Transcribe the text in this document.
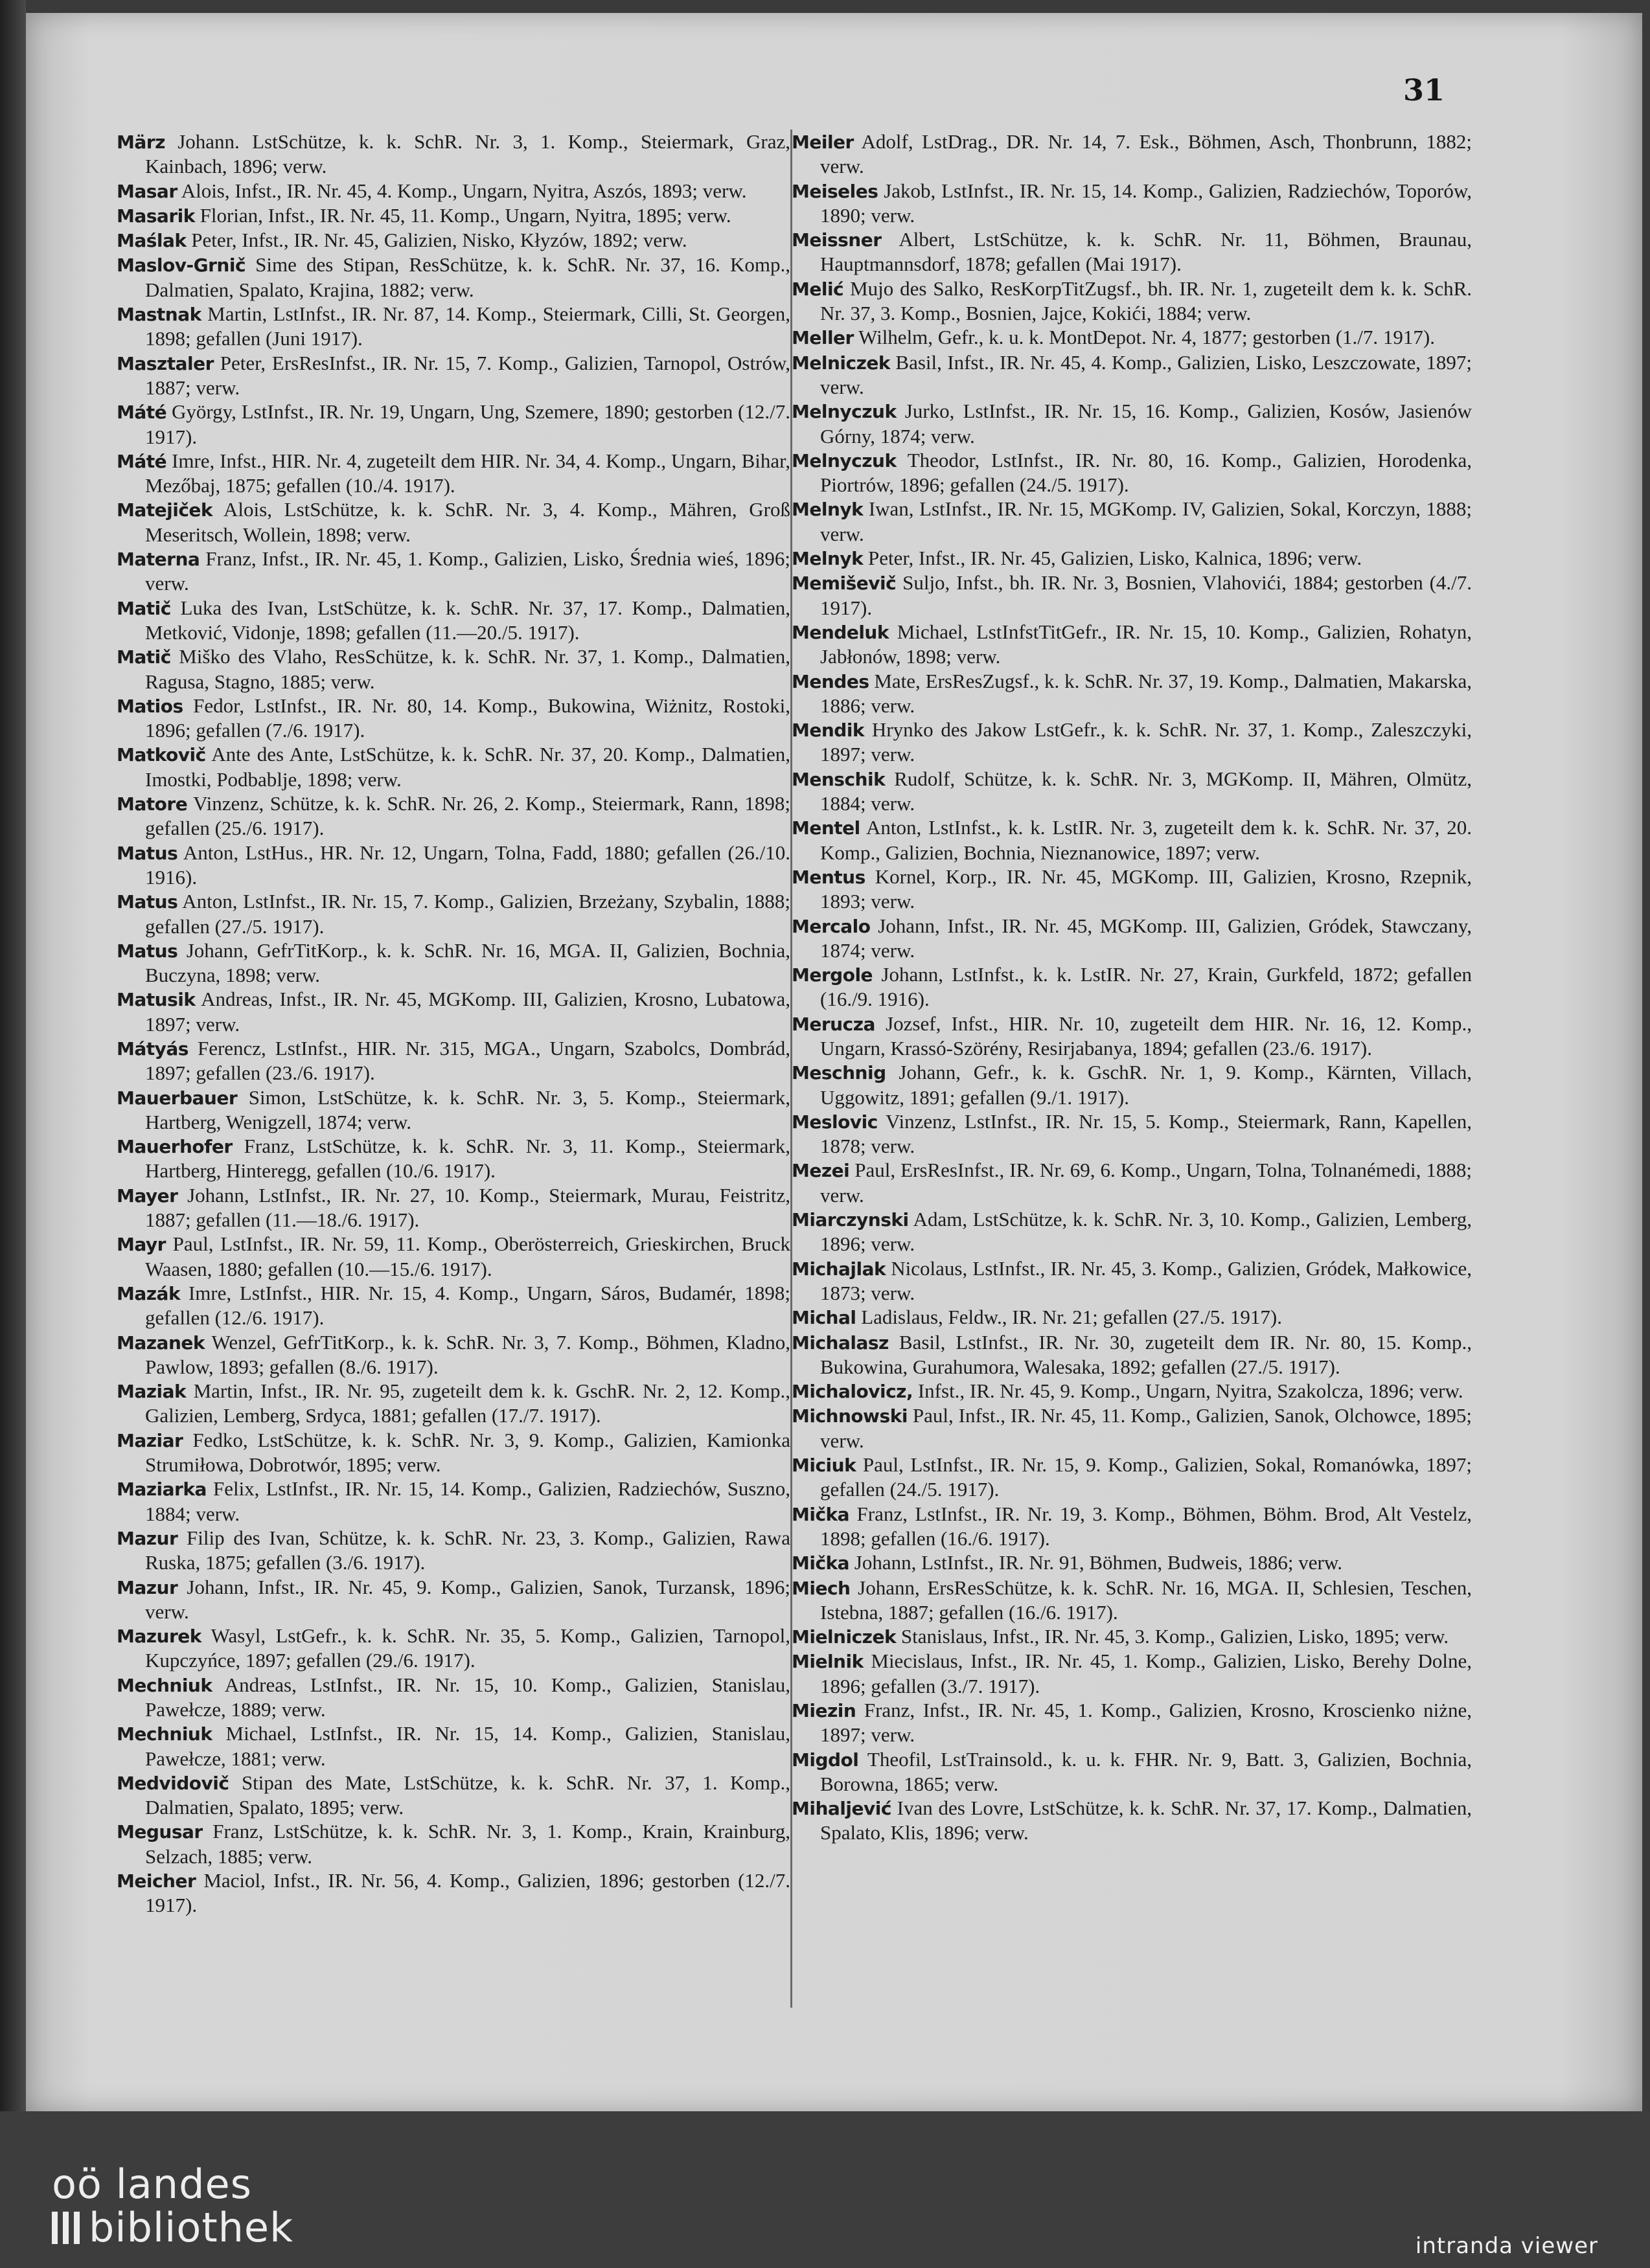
31
März Johann. LstSchütze, k. k. SchR. Nr. 3, 1. Komp., Steiermark, Graz, Kainbach, 1896; verw.
Masar Alois, Infst., IR. Nr. 45, 4. Komp., Ungarn, Nyitra, Aszós, 1893; verw.
Masarik Florian, Infst., IR. Nr. 45, 11. Komp., Ungarn, Nyitra, 1895; verw.
Maślak Peter, Infst., IR. Nr. 45, Galizien, Nisko, Kłyzów, 1892; verw.
Maslov-Grnič Sime des Stipan, ResSchütze, k. k. SchR. Nr. 37, 16. Komp., Dalmatien, Spalato, Krajina, 1882; verw.
Mastnak Martin, LstInfst., IR. Nr. 87, 14. Komp., Steiermark, Cilli, St. Georgen, 1898; gefallen (Juni 1917).
Masztaler Peter, ErsResInfst., IR. Nr. 15, 7. Komp., Galizien, Tarnopol, Ostrów, 1887; verw.
Máté György, LstInfst., IR. Nr. 19, Ungarn, Ung, Szemere, 1890; gestorben (12./7. 1917).
Máté Imre, Infst., HIR. Nr. 4, zugeteilt dem HIR. Nr. 34, 4. Komp., Ungarn, Bihar, Mezőbaj, 1875; gefallen (10./4. 1917).
Matejiček Alois, LstSchütze, k. k. SchR. Nr. 3, 4. Komp., Mähren, Groß Meseritsch, Wollein, 1898; verw.
Materna Franz, Infst., IR. Nr. 45, 1. Komp., Galizien, Lisko, Średnia wieś, 1896; verw.
Matič Luka des Ivan, LstSchütze, k. k. SchR. Nr. 37, 17. Komp., Dalmatien, Metković, Vidonje, 1898; gefallen (11.—20./5. 1917).
Matič Miško des Vlaho, ResSchütze, k. k. SchR. Nr. 37, 1. Komp., Dalmatien, Ragusa, Stagno, 1885; verw.
Matios Fedor, LstInfst., IR. Nr. 80, 14. Komp., Bukowina, Wiżnitz, Rostoki, 1896; gefallen (7./6. 1917).
Matkovič Ante des Ante, LstSchütze, k. k. SchR. Nr. 37, 20. Komp., Dalmatien, Imostki, Podbablje, 1898; verw.
Matore Vinzenz, Schütze, k. k. SchR. Nr. 26, 2. Komp., Steiermark, Rann, 1898; gefallen (25./6. 1917).
Matus Anton, LstHus., HR. Nr. 12, Ungarn, Tolna, Fadd, 1880; gefallen (26./10. 1916).
Matus Anton, LstInfst., IR. Nr. 15, 7. Komp., Galizien, Brzeżany, Szybalin, 1888; gefallen (27./5. 1917).
Matus Johann, GefrTitKorp., k. k. SchR. Nr. 16, MGA. II, Galizien, Bochnia, Buczyna, 1898; verw.
Matusik Andreas, Infst., IR. Nr. 45, MGKomp. III, Galizien, Krosno, Lubatowa, 1897; verw.
Mátyás Ferencz, LstInfst., HIR. Nr. 315, MGA., Ungarn, Szabolcs, Dombrád, 1897; gefallen (23./6. 1917).
Mauerbauer Simon, LstSchütze, k. k. SchR. Nr. 3, 5. Komp., Steiermark, Hartberg, Wenigzell, 1874; verw.
Mauerhofer Franz, LstSchütze, k. k. SchR. Nr. 3, 11. Komp., Steiermark, Hartberg, Hinteregg, gefallen (10./6. 1917).
Mayer Johann, LstInfst., IR. Nr. 27, 10. Komp., Steiermark, Murau, Feistritz, 1887; gefallen (11.—18./6. 1917).
Mayr Paul, LstInfst., IR. Nr. 59, 11. Komp., Oberösterreich, Grieskirchen, Bruck Waasen, 1880; gefallen (10.—15./6. 1917).
Mazák Imre, LstInfst., HIR. Nr. 15, 4. Komp., Ungarn, Sáros, Budamér, 1898; gefallen (12./6. 1917).
Mazanek Wenzel, GefrTitKorp., k. k. SchR. Nr. 3, 7. Komp., Böhmen, Kladno, Pawlow, 1893; gefallen (8./6. 1917).
Maziak Martin, Infst., IR. Nr. 95, zugeteilt dem k. k. GschR. Nr. 2, 12. Komp., Galizien, Lemberg, Srdyca, 1881; gefallen (17./7. 1917).
Maziar Fedko, LstSchütze, k. k. SchR. Nr. 3, 9. Komp., Galizien, Kamionka Strumiłowa, Dobrotwór, 1895; verw.
Maziarka Felix, LstInfst., IR. Nr. 15, 14. Komp., Galizien, Radziechów, Suszno, 1884; verw.
Mazur Filip des Ivan, Schütze, k. k. SchR. Nr. 23, 3. Komp., Galizien, Rawa Ruska, 1875; gefallen (3./6. 1917).
Mazur Johann, Infst., IR. Nr. 45, 9. Komp., Galizien, Sanok, Turzansk, 1896; verw.
Mazurek Wasyl, LstGefr., k. k. SchR. Nr. 35, 5. Komp., Galizien, Tarnopol, Kupczyńce, 1897; gefallen (29./6. 1917).
Mechniuk Andreas, LstInfst., IR. Nr. 15, 10. Komp., Galizien, Stanislau, Pawełcze, 1889; verw.
Mechniuk Michael, LstInfst., IR. Nr. 15, 14. Komp., Galizien, Stanislau, Pawełcze, 1881; verw.
Medvidovič Stipan des Mate, LstSchütze, k. k. SchR. Nr. 37, 1. Komp., Dalmatien, Spalato, 1895; verw.
Megusar Franz, LstSchütze, k. k. SchR. Nr. 3, 1. Komp., Krain, Krainburg, Selzach, 1885; verw.
Meicher Maciol, Infst., IR. Nr. 56, 4. Komp., Galizien, 1896; gestorben (12./7. 1917).
Meiler Adolf, LstDrag., DR. Nr. 14, 7. Esk., Böhmen, Asch, Thonbrunn, 1882; verw.
Meiseles Jakob, LstInfst., IR. Nr. 15, 14. Komp., Galizien, Radziechów, Toporów, 1890; verw.
Meissner Albert, LstSchütze, k. k. SchR. Nr. 11, Böhmen, Braunau, Hauptmannsdorf, 1878; gefallen (Mai 1917).
Melić Mujo des Salko, ResKorpTitZugsf., bh. IR. Nr. 1, zugeteilt dem k. k. SchR. Nr. 37, 3. Komp., Bosnien, Jajce, Kokići, 1884; verw.
Meller Wilhelm, Gefr., k. u. k. MontDepot. Nr. 4, 1877; gestorben (1./7. 1917).
Melniczek Basil, Infst., IR. Nr. 45, 4. Komp., Galizien, Lisko, Leszczowate, 1897; verw.
Melnyczuk Jurko, LstInfst., IR. Nr. 15, 16. Komp., Galizien, Kosów, Jasienów Górny, 1874; verw.
Melnyczuk Theodor, LstInfst., IR. Nr. 80, 16. Komp., Galizien, Horodenka, Piortrów, 1896; gefallen (24./5. 1917).
Melnyk Iwan, LstInfst., IR. Nr. 15, MGKomp. IV, Galizien, Sokal, Korczyn, 1888; verw.
Melnyk Peter, Infst., IR. Nr. 45, Galizien, Lisko, Kalnica, 1896; verw.
Memiševič Suljo, Infst., bh. IR. Nr. 3, Bosnien, Vlahovići, 1884; gestorben (4./7. 1917).
Mendeluk Michael, LstInfstTitGefr., IR. Nr. 15, 10. Komp., Galizien, Rohatyn, Jabłonów, 1898; verw.
Mendes Mate, ErsResZugsf., k. k. SchR. Nr. 37, 19. Komp., Dalmatien, Makarska, 1886; verw.
Mendik Hrynko des Jakow LstGefr., k. k. SchR. Nr. 37, 1. Komp., Zaleszczyki, 1897; verw.
Menschik Rudolf, Schütze, k. k. SchR. Nr. 3, MGKomp. II, Mähren, Olmütz, 1884; verw.
Mentel Anton, LstInfst., k. k. LstIR. Nr. 3, zugeteilt dem k. k. SchR. Nr. 37, 20. Komp., Galizien, Bochnia, Nieznanowice, 1897; verw.
Mentus Kornel, Korp., IR. Nr. 45, MGKomp. III, Galizien, Krosno, Rzepnik, 1893; verw.
Mercalo Johann, Infst., IR. Nr. 45, MGKomp. III, Galizien, Gródek, Stawczany, 1874; verw.
Mergole Johann, LstInfst., k. k. LstIR. Nr. 27, Krain, Gurkfeld, 1872; gefallen (16./9. 1916).
Meruczа Jozsef, Infst., HIR. Nr. 10, zugeteilt dem HIR. Nr. 16, 12. Komp., Ungarn, Krassó-Szörény, Resirjabanya, 1894; gefallen (23./6. 1917).
Meschnig Johann, Gefr., k. k. GschR. Nr. 1, 9. Komp., Kärnten, Villach, Uggowitz, 1891; gefallen (9./1. 1917).
Meslovic Vinzenz, LstInfst., IR. Nr. 15, 5. Komp., Steiermark, Rann, Kapellen, 1878; verw.
Mezei Paul, ErsResInfst., IR. Nr. 69, 6. Komp., Ungarn, Tolna, Tolnanémedi, 1888; verw.
Miarczynski Adam, LstSchütze, k. k. SchR. Nr. 3, 10. Komp., Galizien, Lemberg, 1896; verw.
Michajlak Nicolaus, LstInfst., IR. Nr. 45, 3. Komp., Galizien, Gródek, Małkowice, 1873; verw.
Michal Ladislaus, Feldw., IR. Nr. 21; gefallen (27./5. 1917).
Michalasz Basil, LstInfst., IR. Nr. 30, zugeteilt dem IR. Nr. 80, 15. Komp., Bukowina, Gurahumora, Walesaka, 1892; gefallen (27./5. 1917).
Michalovicz, Infst., IR. Nr. 45, 9. Komp., Ungarn, Nyitra, Szakolcza, 1896; verw.
Michnowski Paul, Infst., IR. Nr. 45, 11. Komp., Galizien, Sanok, Olchowce, 1895; verw.
Miciuk Paul, LstInfst., IR. Nr. 15, 9. Komp., Galizien, Sokal, Romanówka, 1897; gefallen (24./5. 1917).
Mička Franz, LstInfst., IR. Nr. 19, 3. Komp., Böhmen, Böhm. Brod, Alt Vestelz, 1898; gefallen (16./6. 1917).
Mička Johann, LstInfst., IR. Nr. 91, Böhmen, Budweis, 1886; verw.
Miech Johann, ErsResSchütze, k. k. SchR. Nr. 16, MGA. II, Schlesien, Teschen, Istebna, 1887; gefallen (16./6. 1917).
Mielniczek Stanislaus, Infst., IR. Nr. 45, 3. Komp., Galizien, Lisko, 1895; verw.
Mielnik Miecislaus, Infst., IR. Nr. 45, 1. Komp., Galizien, Lisko, Berehy Dolne, 1896; gefallen (3./7. 1917).
Miezin Franz, Infst., IR. Nr. 45, 1. Komp., Galizien, Krosno, Kroscienko niżne, 1897; verw.
Migdol Theofil, LstTrainsold., k. u. k. FHR. Nr. 9, Batt. 3, Galizien, Bochnia, Borowna, 1865; verw.
Mihaljević Ivan des Lovre, LstSchütze, k. k. SchR. Nr. 37, 17. Komp., Dalmatien, Spalato, Klis, 1896; verw.
oö landes
bibliothek	intranda viewer
